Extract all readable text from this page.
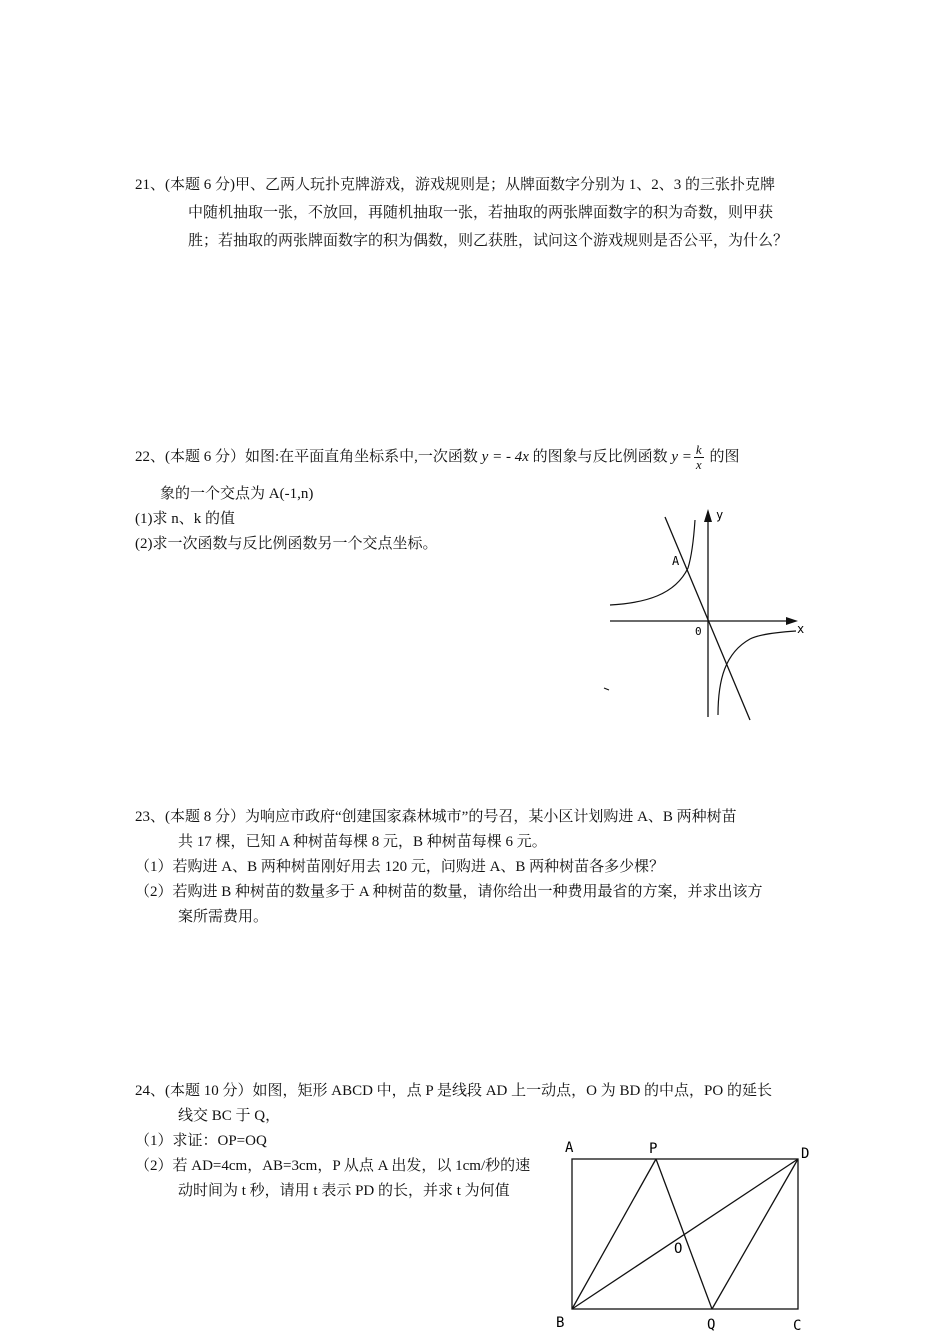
21、(本题 6 分)甲、乙两人玩扑克牌游戏，游戏规则是；从牌面数字分别为 1、2、3 的三张扑克牌
中随机抽取一张，不放回，再随机抽取一张，若抽取的两张牌面数字的积为奇数，则甲获
胜；若抽取的两张牌面数字的积为偶数，则乙获胜，试问这个游戏规则是否公平，为什么？
22、(本题 6 分）如图:在平面直角坐标系中,一次函数 y = - 4x 的图象与反比例函数 $y = \frac{k}{x}$ 的图
象的一个交点为 A(-1,n)
(1)求 n、k 的值
(2)求一次函数与反比例函数另一个交点坐标。
y
x
0
A
23、(本题 8 分）为响应市政府“创建国家森林城市”的号召，某小区计划购进 A、B 两种树苗
共 17 棵，已知 A 种树苗每棵 8 元，B 种树苗每棵 6 元。
（1）若购进 A、B 两种树苗刚好用去 120 元，问购进 A、B 两种树苗各多少棵？
（2）若购进 B 种树苗的数量多于 A 种树苗的数量，请你给出一种费用最省的方案，并求出该方
案所需费用。
24、(本题 10 分）如图，矩形 ABCD 中，点 P 是线段 AD 上一动点，O 为 BD 的中点，PO 的延长
线交 BC 于 Q，
（1）求证：OP=OQ
（2）若 AD=4cm，AB=3cm，P 从点 A 出发，以 1cm/秒的速
动时间为 t 秒，请用 t 表示 PD 的长，并求 t 为何值
A	P	D
O
B	Q	C
